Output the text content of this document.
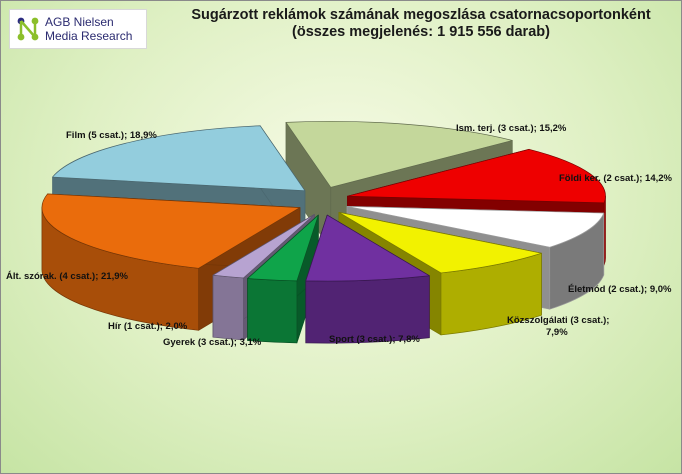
AGB Nielsen
Media Research
Sugárzott reklámok számának megoszlása csatornacsoportonként
(összes megjelenés: 1 915 556 darab)
Ism. terj. (3 csat.); 15,2%
Földi ker. (2 csat.); 14,2%
Életmód (2 csat.); 9,0%
Közszolgálati (3 csat.);
7,9%
Sport (3 csat.); 7,8%
Gyerek (3 csat.); 3,1%
Hír (1 csat.); 2,0%
Ált. szórak. (4 csat.); 21,9%
Film (5 csat.); 18,9%
